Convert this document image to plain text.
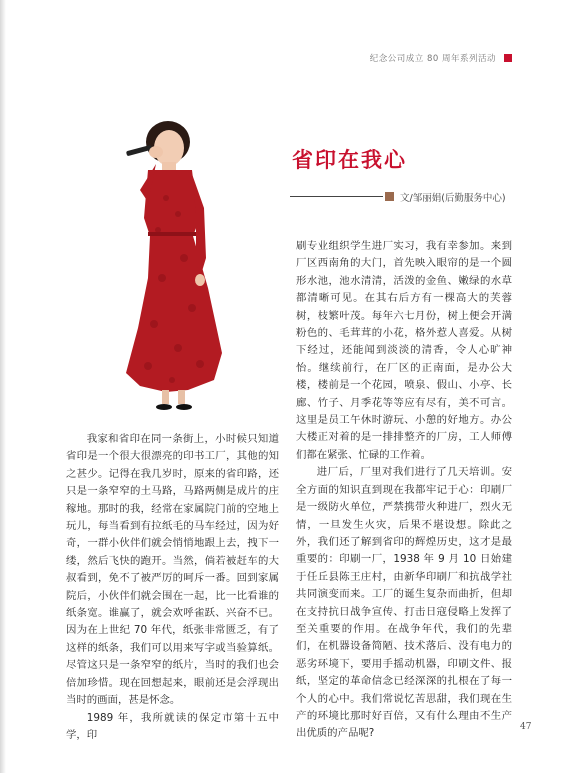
纪念公司成立 80 周年系列活动
省印在我心
文/邹丽娟(后勤服务中心)

我家和省印在同一条街上，小时候只知道省印是一个很大很漂亮的印书工厂，其他的知之甚少。记得在我几岁时，原来的省印路，还只是一条窄窄的土马路，马路两侧是成片的庄稼地。那时的我，经常在家属院门前的空地上玩儿，每当看到有拉纸毛的马车经过，因为好奇，一群小伙伴们就会悄悄地跟上去，拽下一缕，然后飞快的跑开。当然，倘若被赶车的大叔看到，免不了被严厉的呵斥一番。回到家属院后，小伙伴们就会围在一起，比一比看谁的纸条宽。谁赢了，就会欢呼雀跃、兴奋不已。因为在上世纪 70 年代，纸张非常匮乏，有了这样的纸条，我们可以用来写字或当验算纸。尽管这只是一条窄窄的纸片，当时的我们也会倍加珍惜。现在回想起来，眼前还是会浮现出当时的画面，甚是怀念。

1989 年，我所就读的保定市第十五中学，印

刷专业组织学生进厂实习，我有幸参加。来到厂区西南角的大门，首先映入眼帘的是一个圆形水池，池水清清，活泼的金鱼、嫩绿的水草都清晰可见。在其右后方有一棵高大的芙蓉树，枝繁叶茂。每年六七月份，树上便会开满粉色的、毛茸茸的小花，格外惹人喜爱。从树下经过，还能闻到淡淡的清香，令人心旷神怡。继续前行，在厂区的正南面，是办公大楼，楼前是一个花园，喷泉、假山、小亭、长廊、竹子、月季花等等应有尽有，美不可言。这里是员工午休时游玩、小憩的好地方。办公大楼正对着的是一排排整齐的厂房，工人师傅们都在紧张、忙碌的工作着。

进厂后，厂里对我们进行了几天培训。安全方面的知识直到现在我都牢记于心：印刷厂是一级防火单位，严禁携带火种进厂，烈火无情，一旦发生火灾，后果不堪设想。除此之外，我们还了解到省印的辉煌历史，这才是最重要的：印刷一厂，1938 年 9 月 10 日始建于任丘县陈王庄村，由新华印刷厂和抗战学社共同演变而来。工厂的诞生复杂而曲折，但却在支持抗日战争宣传、打击日寇侵略上发挥了至关重要的作用。在战争年代，我们的先辈们，在机器设备简陋、技术落后、没有电力的恶劣环境下，要用手摇动机器，印刷文件、报纸，坚定的革命信念已经深深的扎根在了每一个人的心中。我们常说忆苦思甜，我们现在生产的环境比那时好百倍，又有什么理由不生产出优质的产品呢?

47
